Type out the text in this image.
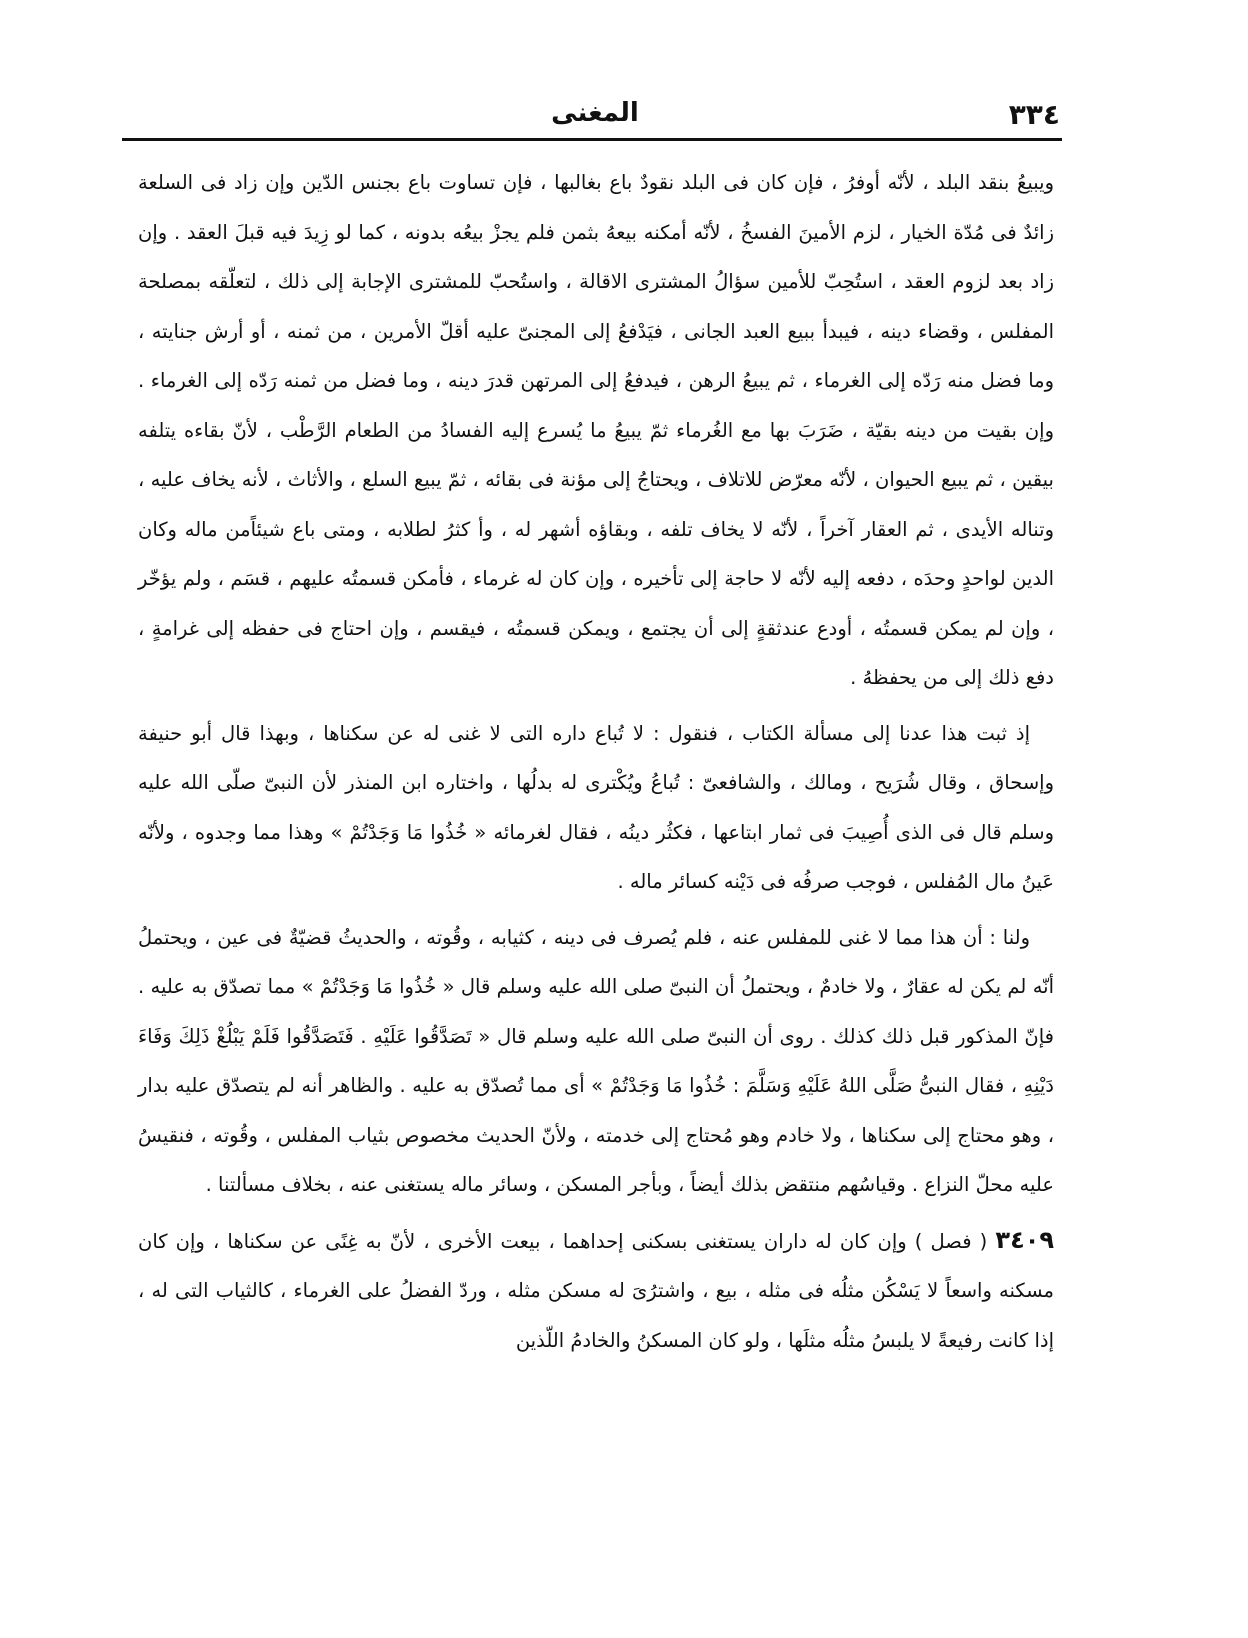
٣٣٤
المغنى

ويبيعُ بنقد البلد ، لأنّه أوفرُ ، فإن كان فى البلد نقودٌ باع بغالبها ، فإن تساوت باع بجنس الدّين وإن زاد فى السلعة زائدٌ فى مُدّة الخيار ، لزم الأمينَ الفسخُ ، لأنّه أمكنه بيعهُ بثمن فلم يجزْ بيعُه بدونه ، كما لو زِيدَ فيه قبلَ العقد . وإن زاد بعد لزوم العقد ، استُحِبّ للأمين سؤالُ المشترى الاقالة ، واستُحبّ للمشترى الإجابة إلى ذلك ، لتعلّقه بمصلحة المفلس ، وقضاء دينه ، فيبدأ ببيع العبد الجانى ، فيَدْفعُ إلى المجنىّ عليه أقلّ الأمرين ، من ثمنه ، أو أرش جنايته ، وما فضل منه رَدّه إلى الغرماء ، ثم يبيعُ الرهن ، فيدفعُ إلى المرتهن قدرَ دينه ، وما فضل من ثمنه رَدّه إلى الغرماء . وإن بقيت من دينه بقيّة ، ضَرَبَ بها مع الغُرماء ثمّ يبيعُ ما يُسرع إليه الفسادُ من الطعام الرَّطْب ، لأنّ بقاءه يتلفه بيقين ، ثم يبيع الحيوان ، لأنّه معرّض للاتلاف ، ويحتاجُ إلى مؤنة فى بقائه ، ثمّ يبيع السلع ، والأثاث ، لأنه يخاف عليه ، وتناله الأيدى ، ثم العقار آخراً ، لأنّه لا يخاف تلفه ، وبقاؤه أشهر له ، وأ كثرُ لطلابه ، ومتى باع شيئاًمن ماله وكان الدين لواحدٍ وحدَه ، دفعه إليه لأنّه لا حاجة إلى تأخيره ، وإن كان له غرماء ، فأمكن قسمتُه عليهم ، قسَم ، ولم يؤخّر ، وإن لم يمكن قسمتُه ، أودع عندثقةٍ إلى أن يجتمع ، ويمكن قسمتُه ، فيقسم ، وإن احتاج فى حفظه إلى غرامةٍ ، دفع ذلك إلى من يحفظهُ .

إذ ثبت هذا عدنا إلى مسألة الكتاب ، فنقول : لا تُباع داره التى لا غنى له عن سكناها ، وبهذا قال أبو حنيفة وإسحاق ، وقال شُرَيح ، ومالك ، والشافعىّ : تُباعُ ويُكْترى له بدلُها ، واختاره ابن المنذر لأن النبىّ صلّى الله عليه وسلم قال فى الذى أُصِيبَ فى ثمار ابتاعها ، فكثُر دينُه ، فقال لغرمائه « خُذُوا مَا وَجَدْتُمْ » وهذا مما وجدوه ، ولأنّه عَينُ مال المُفلس ، فوجب صرفُه فى دَيْنه كسائر ماله .

ولنا : أن هذا مما لا غنى للمفلس عنه ، فلم يُصرف فى دينه ، كثيابه ، وقُوته ، والحديثُ قضيّةٌ فى عين ، ويحتملُ أنّه لم يكن له عقارٌ ، ولا خادمٌ ، ويحتملُ أن النبىّ صلى الله عليه وسلم قال « خُذُوا مَا وَجَدْتُمْ » مما تصدّق به عليه . فإنّ المذكور قبل ذلك كذلك . روى أن النبىّ صلى الله عليه وسلم قال « تَصَدَّقُوا عَلَيْهِ . فَتَصَدَّقُوا فَلَمْ يَبْلُغْ ذَلِكَ وَفَاءَ دَيْنِهِ ، فقال النبىُّ صَلَّى اللهُ عَلَيْهِ وَسَلَّمَ : خُذُوا مَا وَجَدْتُمْ » أى مما تُصدّق به عليه . والظاهر أنه لم يتصدّق عليه بدار ، وهو محتاج إلى سكناها ، ولا خادم وهو مُحتاج إلى خدمته ، ولأنّ الحديث مخصوص بثياب المفلس ، وقُوته ، فنقيسُ عليه محلّ النزاع . وقياسُهم منتقض بذلك أيضاً ، وبأجر المسكن ، وسائر ماله يستغنى عنه ، بخلاف مسألتنا .

٣٤٠٩ ( فصل ) وإن كان له داران يستغنى بسكنى إحداهما ، بيعت الأخرى ، لأنّ به غِنًى عن سكناها ، وإن كان مسكنه واسعاً لا يَسْكُن مثلُه فى مثله ، بيع ، واشترُىَ له مسكن مثله ، وردّ الفضلُ على الغرماء ، كالثياب التى له ، إذا كانت رفيعةً لا يلبسُ مثلُه مثلَها ، ولو كان المسكنُ والخادمُ اللّذين
